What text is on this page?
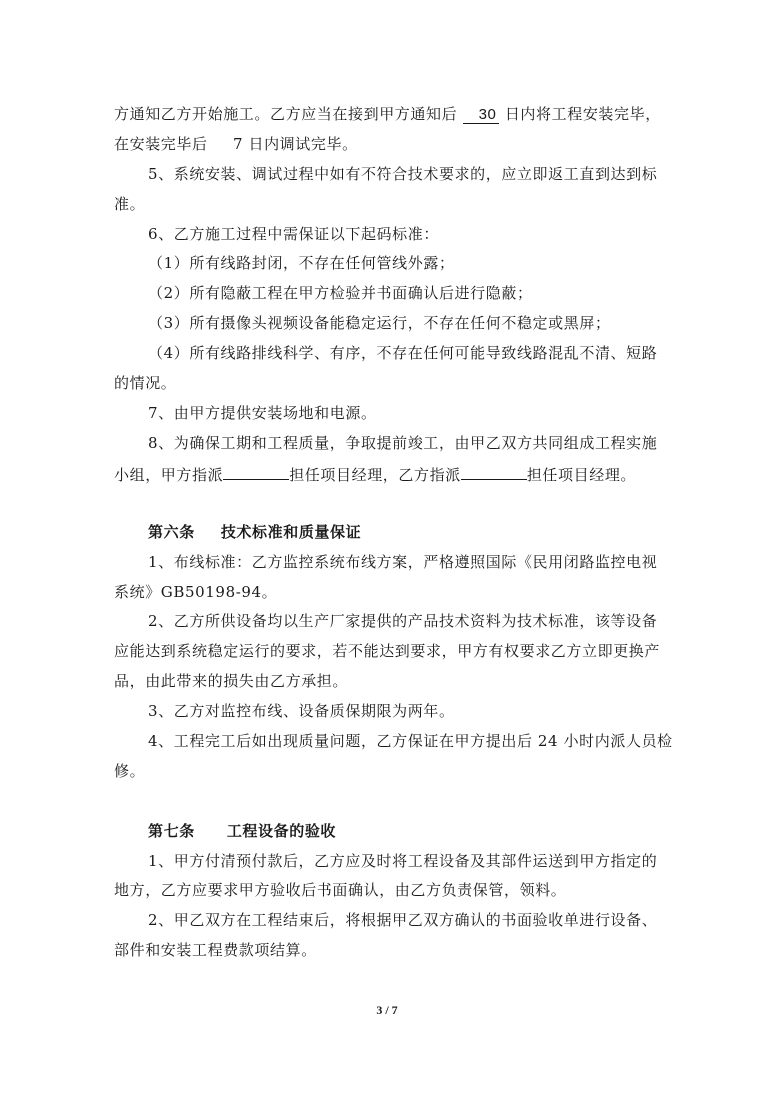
方通知乙方开始施工。乙方应当在接到甲方通知后 30 日内将工程安装完毕，
在安装完毕后 7 日内调试完毕。
5、系统安装、调试过程中如有不符合技术要求的，应立即返工直到达到标
准。
6、乙方施工过程中需保证以下起码标准：
（1）所有线路封闭，不存在任何管线外露；
（2）所有隐蔽工程在甲方检验并书面确认后进行隐蔽；
（3）所有摄像头视频设备能稳定运行，不存在任何不稳定或黑屏；
（4）所有线路排线科学、有序，不存在任何可能导致线路混乱不清、短路
的情况。
7、由甲方提供安装场地和电源。
8、为确保工期和工程质量，争取提前竣工，由甲乙双方共同组成工程实施
小组，甲方指派	担任项目经理，乙方指派	担任项目经理。
第六条 技术标准和质量保证
1、布线标准：乙方监控系统布线方案，严格遵照国际《民用闭路监控电视
系统》GB50198-94。
2、乙方所供设备均以生产厂家提供的产品技术资料为技术标准，该等设备
应能达到系统稳定运行的要求，若不能达到要求，甲方有权要求乙方立即更换产
品，由此带来的损失由乙方承担。
3、乙方对监控布线、设备质保期限为两年。
4、工程完工后如出现质量问题，乙方保证在甲方提出后 24 小时内派人员检
修。
第七条 工程设备的验收
1、甲方付清预付款后，乙方应及时将工程设备及其部件运送到甲方指定的
地方，乙方应要求甲方验收后书面确认，由乙方负责保管，领料。
2、甲乙双方在工程结束后，将根据甲乙双方确认的书面验收单进行设备、
部件和安装工程费款项结算。
3 / 7
